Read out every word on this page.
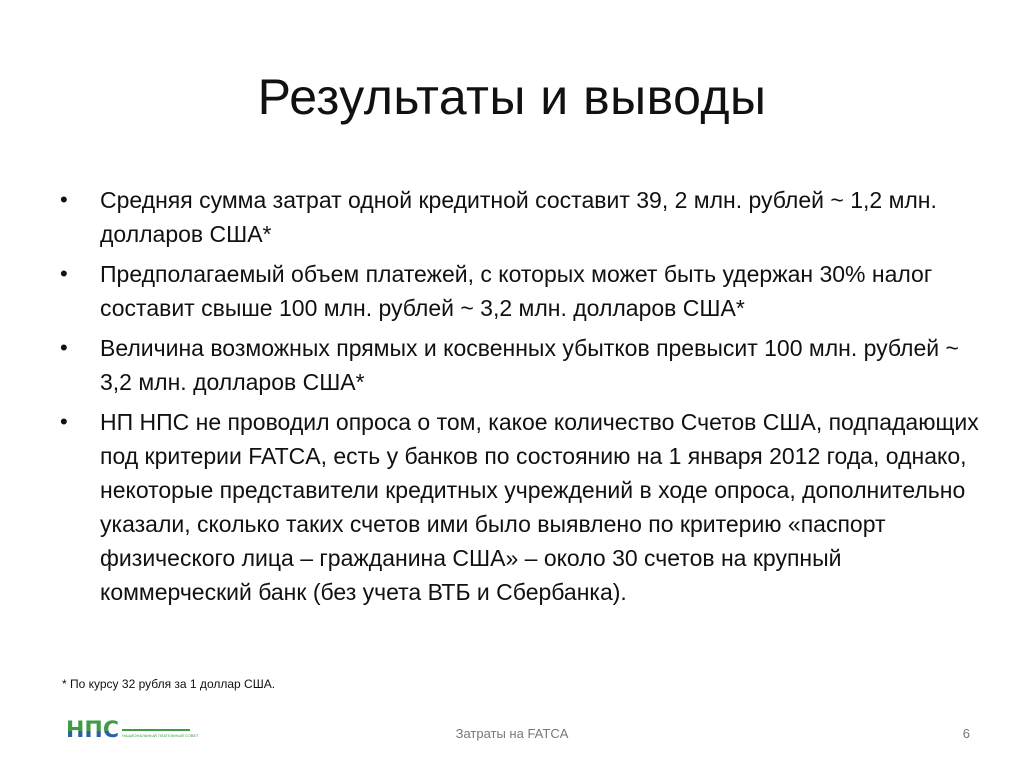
Результаты и выводы
• Средняя сумма затрат одной кредитной составит 39, 2 млн. рублей ~ 1,2 млн. долларов США*
• Предполагаемый объем платежей, с которых может быть удержан 30% налог составит свыше 100 млн. рублей ~ 3,2 млн. долларов США*
• Величина возможных прямых и косвенных убытков превысит 100 млн. рублей ~ 3,2 млн. долларов США*
• НП НПС не проводил опроса о том, какое количество Счетов США, подпадающих под критерии FATCA, есть у банков по состоянию на 1 января 2012 года, однако, некоторые представители кредитных учреждений в ходе опроса, дополнительно указали, сколько таких счетов ими было выявлено по критерию «паспорт физического лица – гражданина США» – около 30 счетов на крупный коммерческий банк (без учета ВТБ и Сбербанка).
* По курсу 32 рубля за 1 доллар США.
НПС НАЦИОНАЛЬНЫЙ ПЛАТЕЖНЫЙ СОВЕТ	Затраты на FATCA	6
